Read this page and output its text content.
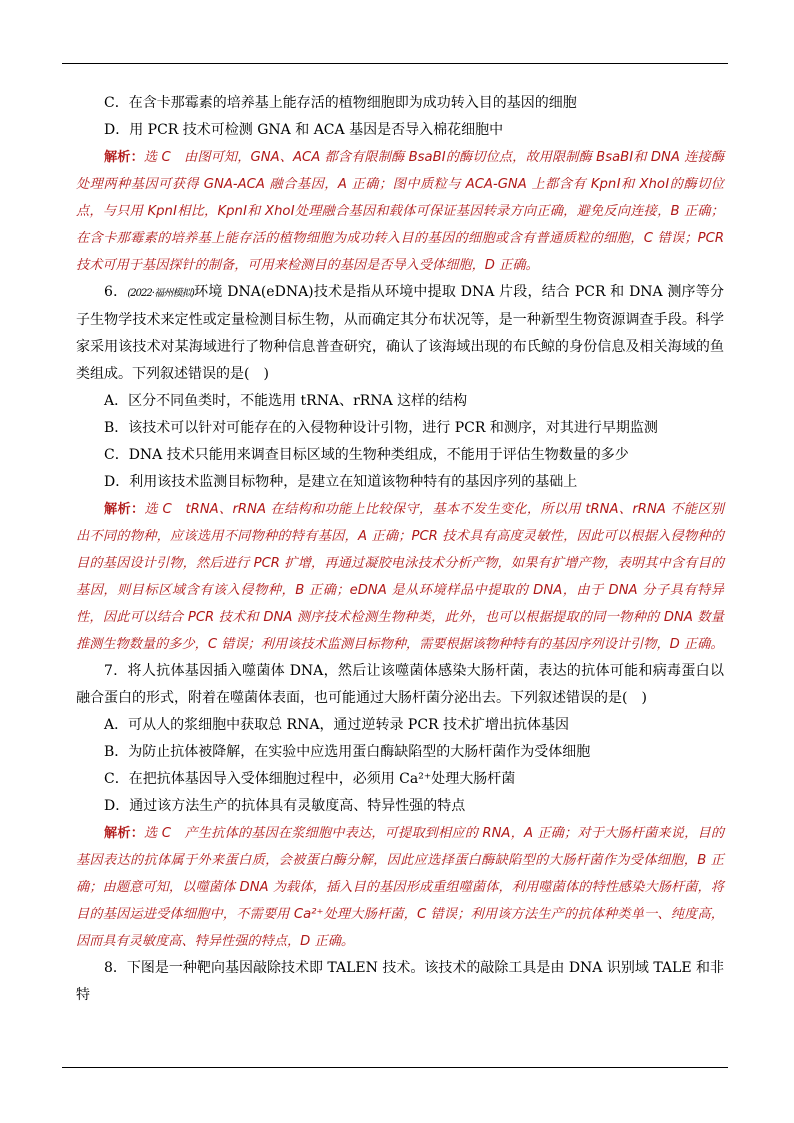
C．在含卡那霉素的培养基上能存活的植物细胞即为成功转入目的基因的细胞

D．用 PCR 技术可检测 GNA 和 ACA 基因是否导入棉花细胞中

解析：选 C　由图可知，GNA、ACA 都含有限制酶 BsaBⅠ的酶切位点，故用限制酶 BsaBⅠ和 DNA 连接酶处理两种基因可获得 GNA-ACA 融合基因，A 正确；图中质粒与 ACA-GNA 上都含有 KpnⅠ和 XhoⅠ的酶切位点，与只用 KpnⅠ相比，KpnⅠ和 XhoⅠ处理融合基因和载体可保证基因转录方向正确，避免反向连接，B 正确；在含卡那霉素的培养基上能存活的植物细胞为成功转入目的基因的细胞或含有普通质粒的细胞，C 错误；PCR 技术可用于基因探针的制备，可用来检测目的基因是否导入受体细胞，D 正确。

6．(2022·福州模拟)环境 DNA(eDNA)技术是指从环境中提取 DNA 片段，结合 PCR 和 DNA 测序等分子生物学技术来定性或定量检测目标生物，从而确定其分布状况等，是一种新型生物资源调查手段。科学家采用该技术对某海域进行了物种信息普查研究，确认了该海域出现的布氏鲸的身份信息及相关海域的鱼类组成。下列叙述错误的是(　)

A．区分不同鱼类时，不能选用 tRNA、rRNA 这样的结构

B．该技术可以针对可能存在的入侵物种设计引物，进行 PCR 和测序，对其进行早期监测

C．DNA 技术只能用来调查目标区域的生物种类组成，不能用于评估生物数量的多少

D．利用该技术监测目标物种，是建立在知道该物种特有的基因序列的基础上

解析：选 C　tRNA、rRNA 在结构和功能上比较保守，基本不发生变化，所以用 tRNA、rRNA 不能区别出不同的物种，应该选用不同物种的特有基因，A 正确；PCR 技术具有高度灵敏性，因此可以根据入侵物种的目的基因设计引物，然后进行 PCR 扩增，再通过凝胶电泳技术分析产物，如果有扩增产物，表明其中含有目的基因，则目标区域含有该入侵物种，B 正确；eDNA 是从环境样品中提取的 DNA，由于 DNA 分子具有特异性，因此可以结合 PCR 技术和 DNA 测序技术检测生物种类，此外，也可以根据提取的同一物种的 DNA 数量推测生物数量的多少，C 错误；利用该技术监测目标物种，需要根据该物种特有的基因序列设计引物，D 正确。

7．将人抗体基因插入噬菌体 DNA，然后让该噬菌体感染大肠杆菌，表达的抗体可能和病毒蛋白以融合蛋白的形式，附着在噬菌体表面，也可能通过大肠杆菌分泌出去。下列叙述错误的是(　)

A．可从人的浆细胞中获取总 RNA，通过逆转录 PCR 技术扩增出抗体基因

B．为防止抗体被降解，在实验中应选用蛋白酶缺陷型的大肠杆菌作为受体细胞

C．在把抗体基因导入受体细胞过程中，必须用 Ca²⁺处理大肠杆菌

D．通过该方法生产的抗体具有灵敏度高、特异性强的特点

解析：选 C　产生抗体的基因在浆细胞中表达，可提取到相应的 RNA，A 正确；对于大肠杆菌来说，目的基因表达的抗体属于外来蛋白质，会被蛋白酶分解，因此应选择蛋白酶缺陷型的大肠杆菌作为受体细胞，B 正确；由题意可知，以噬菌体 DNA 为载体，插入目的基因形成重组噬菌体，利用噬菌体的特性感染大肠杆菌，将目的基因运进受体细胞中，不需要用 Ca²⁺处理大肠杆菌，C 错误；利用该方法生产的抗体种类单一、纯度高，因而具有灵敏度高、特异性强的特点，D 正确。

8．下图是一种靶向基因敲除技术即 TALEN 技术。该技术的敲除工具是由 DNA 识别域 TALE 和非特
